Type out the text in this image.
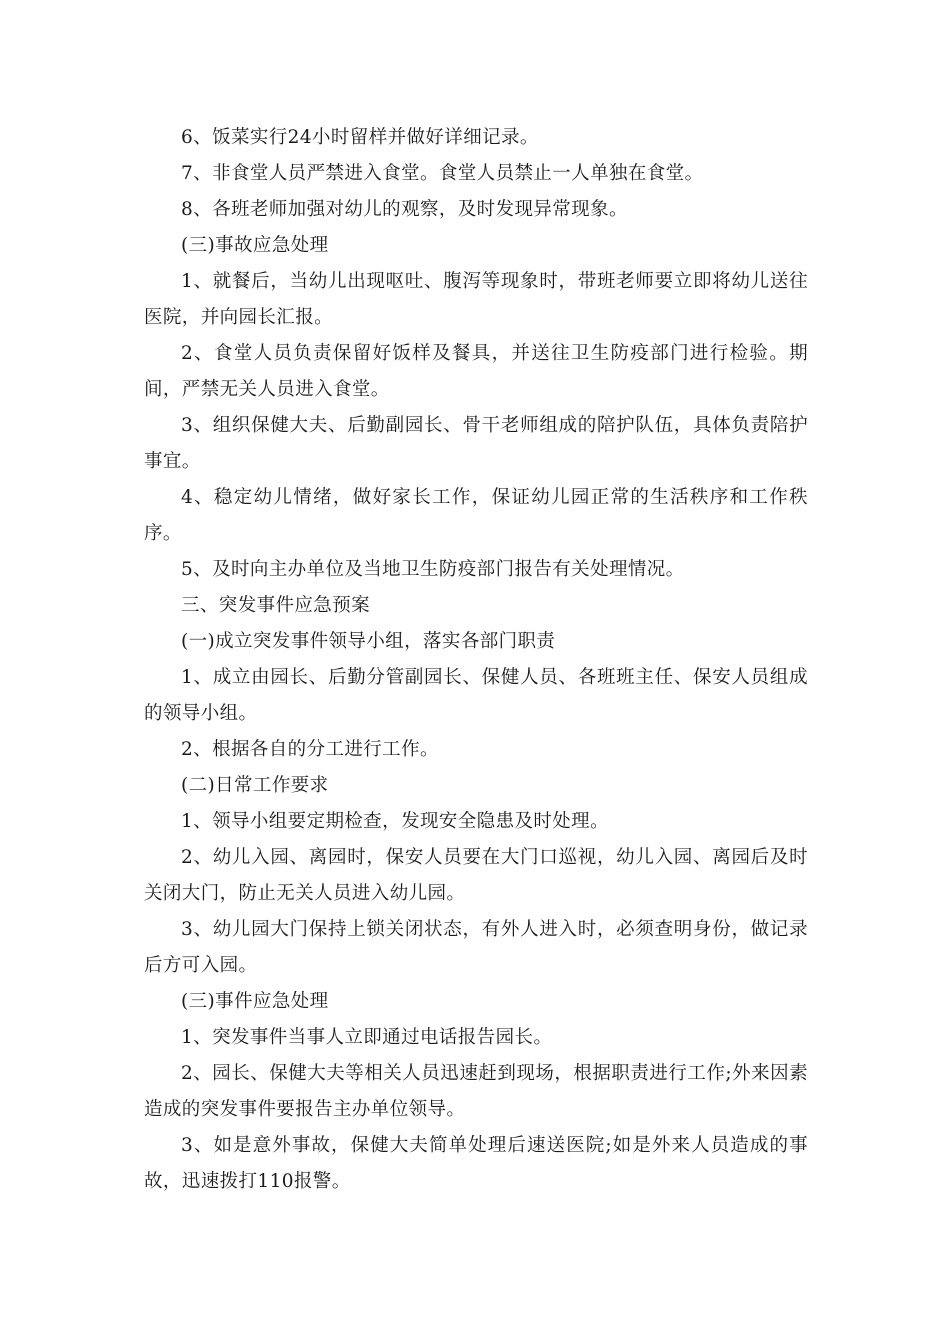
6、饭菜实行24小时留样并做好详细记录。

7、非食堂人员严禁进入食堂。食堂人员禁止一人单独在食堂。

8、各班老师加强对幼儿的观察，及时发现异常现象。

(三)事故应急处理

1、就餐后，当幼儿出现呕吐、腹泻等现象时，带班老师要立即将幼儿送往医院，并向园长汇报。

2、食堂人员负责保留好饭样及餐具，并送往卫生防疫部门进行检验。期间，严禁无关人员进入食堂。

3、组织保健大夫、后勤副园长、骨干老师组成的陪护队伍，具体负责陪护事宜。

4、稳定幼儿情绪，做好家长工作，保证幼儿园正常的生活秩序和工作秩序。

5、及时向主办单位及当地卫生防疫部门报告有关处理情况。

三、突发事件应急预案

(一)成立突发事件领导小组，落实各部门职责

1、成立由园长、后勤分管副园长、保健人员、各班班主任、保安人员组成的领导小组。

2、根据各自的分工进行工作。

(二)日常工作要求

1、领导小组要定期检查，发现安全隐患及时处理。

2、幼儿入园、离园时，保安人员要在大门口巡视，幼儿入园、离园后及时关闭大门，防止无关人员进入幼儿园。

3、幼儿园大门保持上锁关闭状态，有外人进入时，必须查明身份，做记录后方可入园。

(三)事件应急处理

1、突发事件当事人立即通过电话报告园长。

2、园长、保健大夫等相关人员迅速赶到现场，根据职责进行工作;外来因素造成的突发事件要报告主办单位领导。

3、如是意外事故，保健大夫简单处理后速送医院;如是外来人员造成的事故，迅速拨打110报警。
